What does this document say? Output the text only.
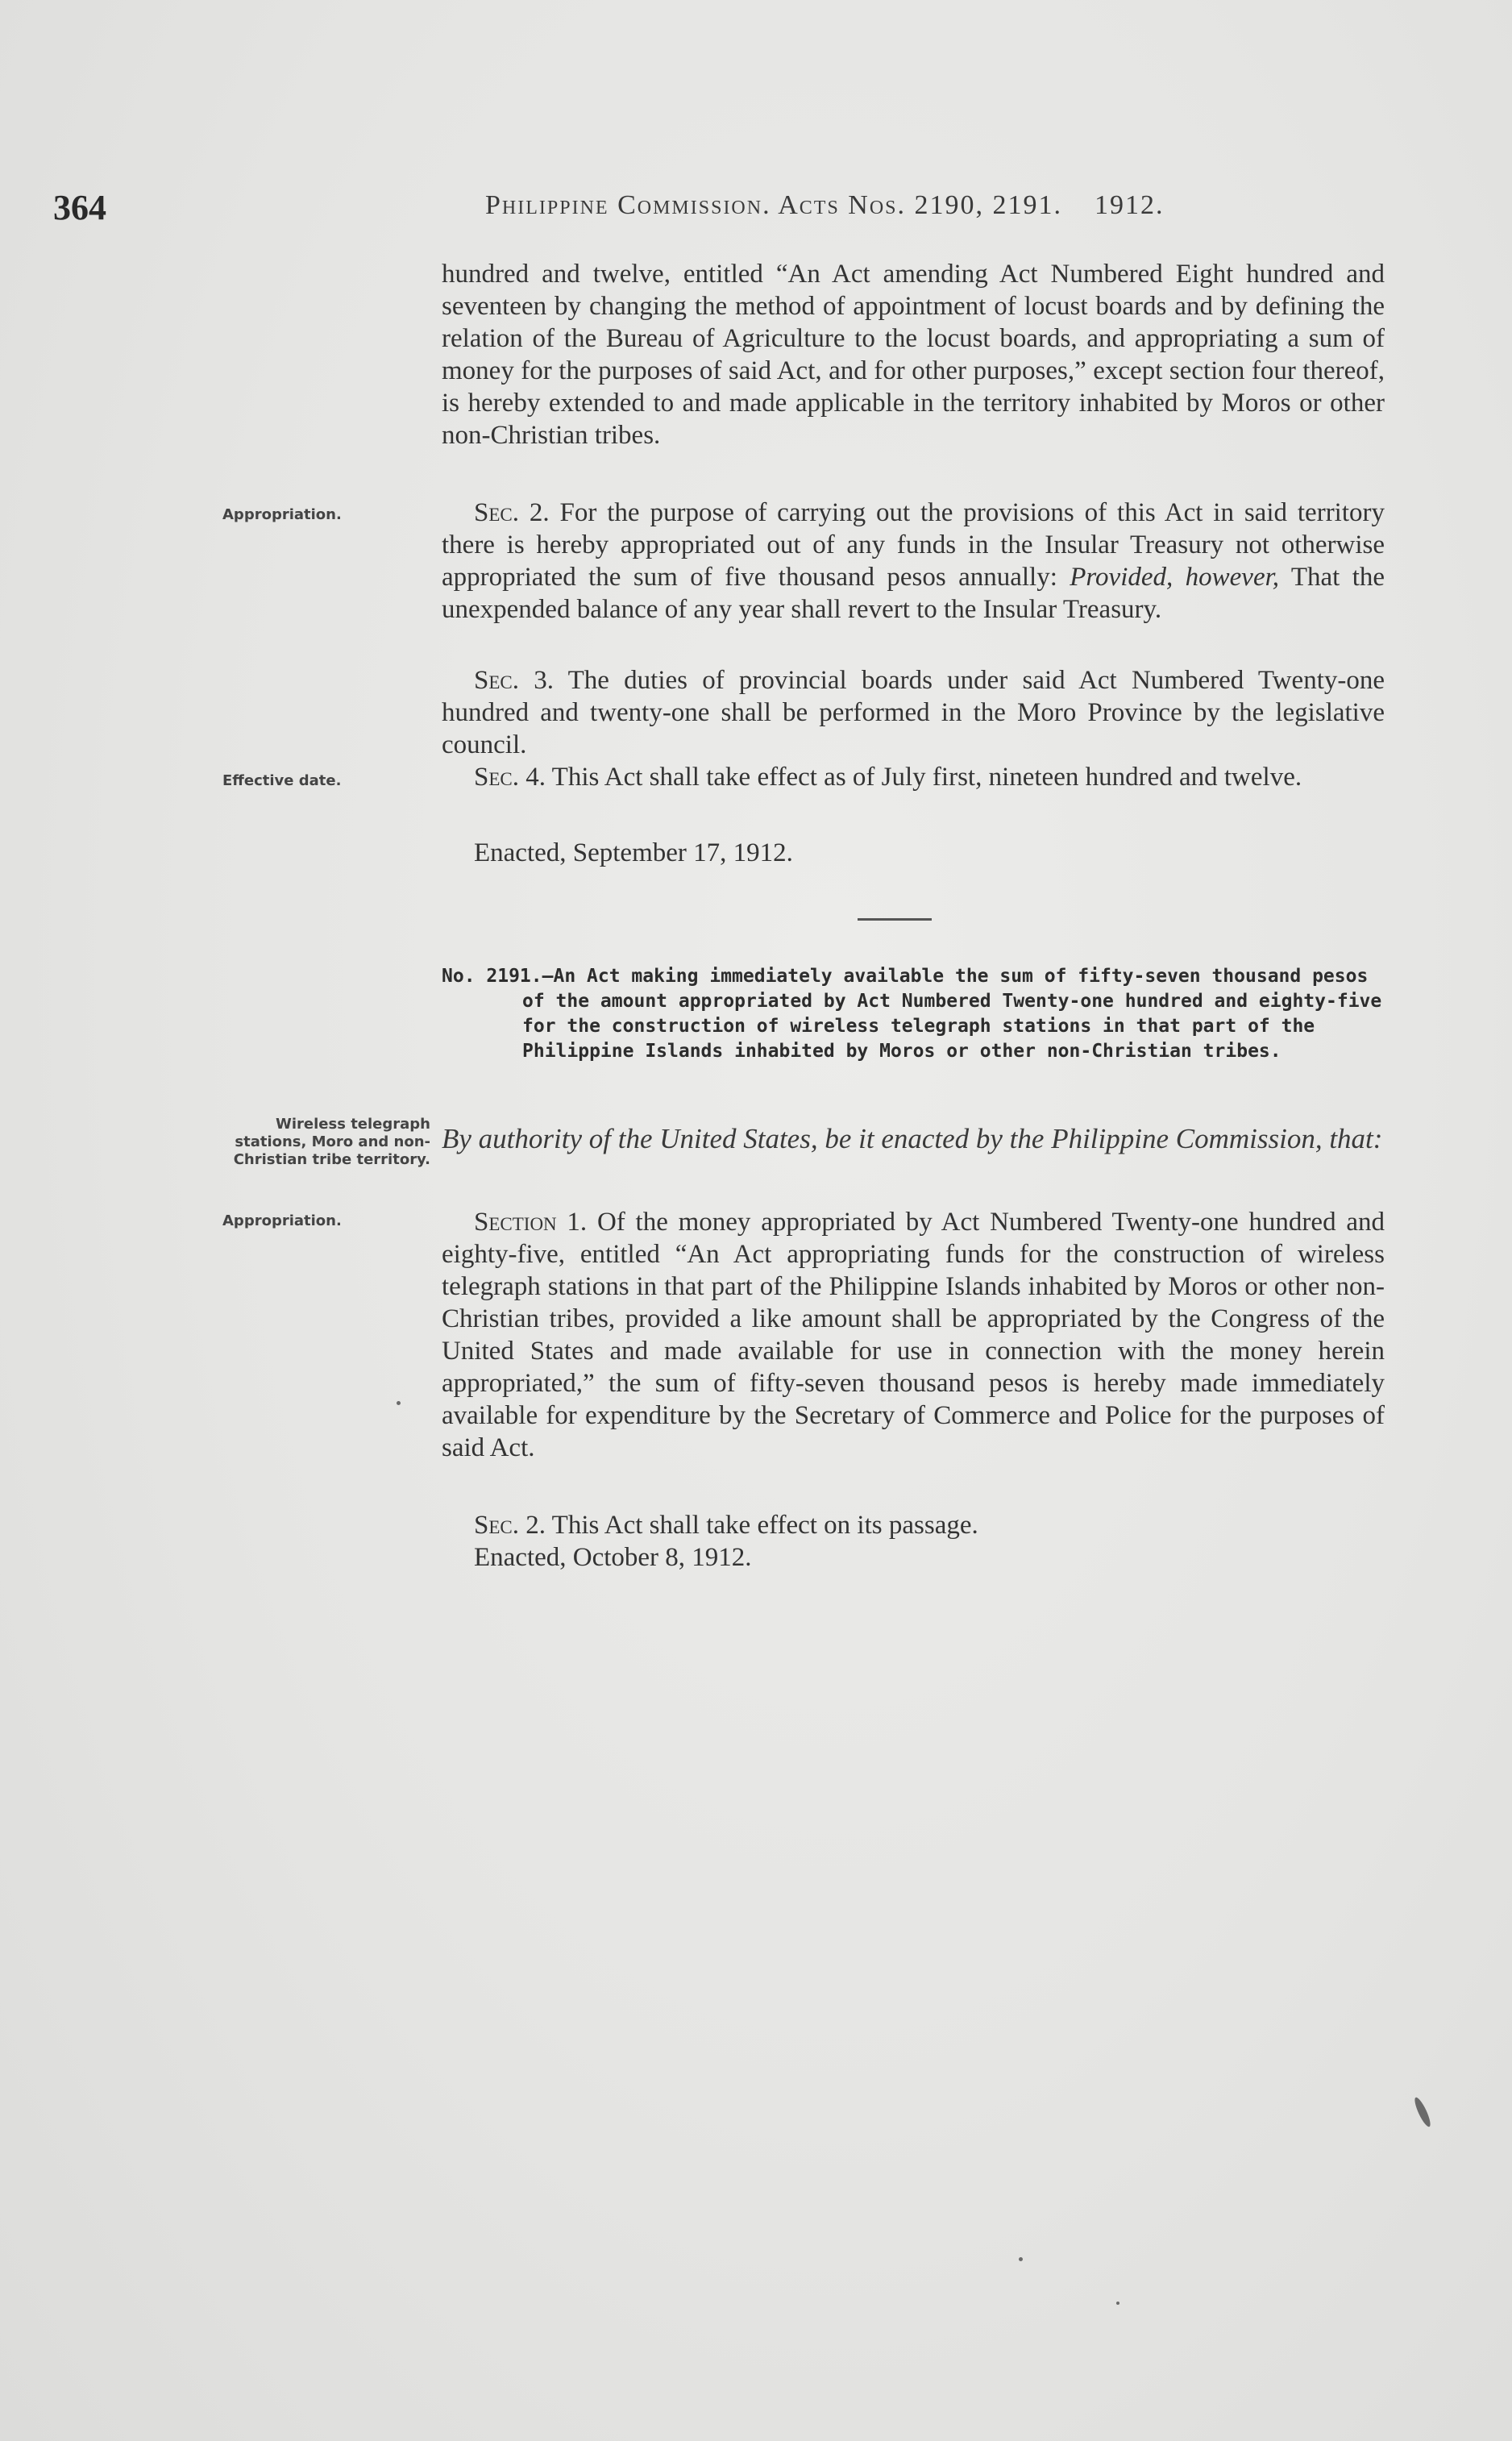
364	Philippine Commission. Acts Nos. 2190, 2191. 1912.

hundred and twelve, entitled “An Act amending Act Numbered Eight hundred and seventeen by changing the method of appointment of locust boards and by defining the relation of the Bureau of Agriculture to the locust boards, and appropriating a sum of money for the purposes of said Act, and for other purposes,” except section four thereof, is hereby extended to and made applicable in the territory inhabited by Moros or other non-Christian tribes.

Appropriation.	Sec. 2. For the purpose of carrying out the provisions of this Act in said territory there is hereby appropriated out of any funds in the Insular Treasury not otherwise appropriated the sum of five thousand pesos annually: Provided, however, That the unexpended balance of any year shall revert to the Insular Treasury.

Sec. 3. The duties of provincial boards under said Act Numbered Twenty-one hundred and twenty-one shall be performed in the Moro Province by the legislative council.

Effective date.	Sec. 4. This Act shall take effect as of July first, nineteen hundred and twelve.

Enacted, September 17, 1912.
No. 2191.—An Act making immediately available the sum of fifty-seven thousand pesos of the amount appropriated by Act Numbered Twenty-one hundred and eighty-five for the construction of wireless telegraph stations in that part of the Philippine Islands inhabited by Moros or other non-Christian tribes.
Wireless telegraph stations, Moro and non-Christian tribe territory.
By authority of the United States, be it enacted by the Philippine Commission, that:
Appropriation.	Section 1. Of the money appropriated by Act Numbered Twenty-one hundred and eighty-five, entitled “An Act appropriating funds for the construction of wireless telegraph stations in that part of the Philippine Islands inhabited by Moros or other non-Christian tribes, provided a like amount shall be appropriated by the Congress of the United States and made available for use in connection with the money herein appropriated,” the sum of fifty-seven thousand pesos is hereby made immediately available for expenditure by the Secretary of Commerce and Police for the purposes of said Act.

Sec. 2. This Act shall take effect on its passage.

Enacted, October 8, 1912.
